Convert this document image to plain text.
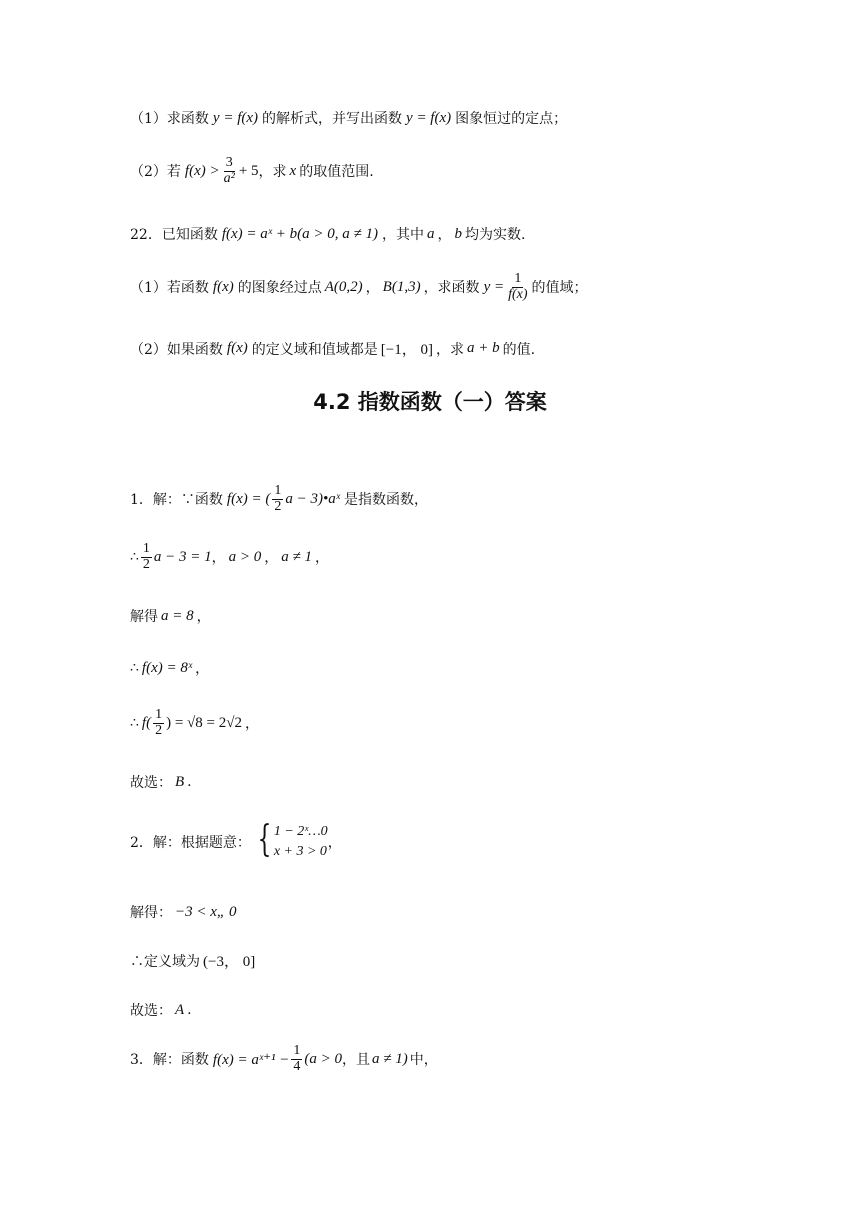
（1）求函数 y = f(x) 的解析式，并写出函数 y = f(x) 图象恒过的定点；
（2）若 $f(x) > \frac{3}{\text{a²}} + 5$ ，求 x 的取值范围.
22．已知函数 f(x) = aˣ + b(a > 0, a ≠ 1) ，其中 a ， b 均为实数.
（1）若函数 f(x) 的图象经过点 A(0,2) ， B(1,3) ，求函数 $y = \frac{1}{f(x)}$ 的值域；
（2）如果函数 f(x) 的定义域和值域都是 [−1， 0] ，求 a + b 的值.
4.2 指数函数（一）答案
1．解：∵函数 f(x) = ( $\frac{1}{2}$ a − 3)•aˣ 是指数函数，
∴ $\frac{1}{2}$ a − 3 = 1 ， a > 0 ， a ≠ 1 ，
解得 a = 8 ，
∴ f(x) = 8ˣ ，
∴ $f( \frac{1}{2}$ ) = √8 = 2√2 ，
故选： B .
2．解：根据题意： { 1 − 2ˣ…0
x + 3 > 0
，
解得： −3 < x„ 0
∴定义域为 (−3， 0]
故选： A .
3．解：函数 f(x) = aˣ⁺¹ − $\frac{1}{4} (a > 0$ ，且 a ≠ 1) 中，
